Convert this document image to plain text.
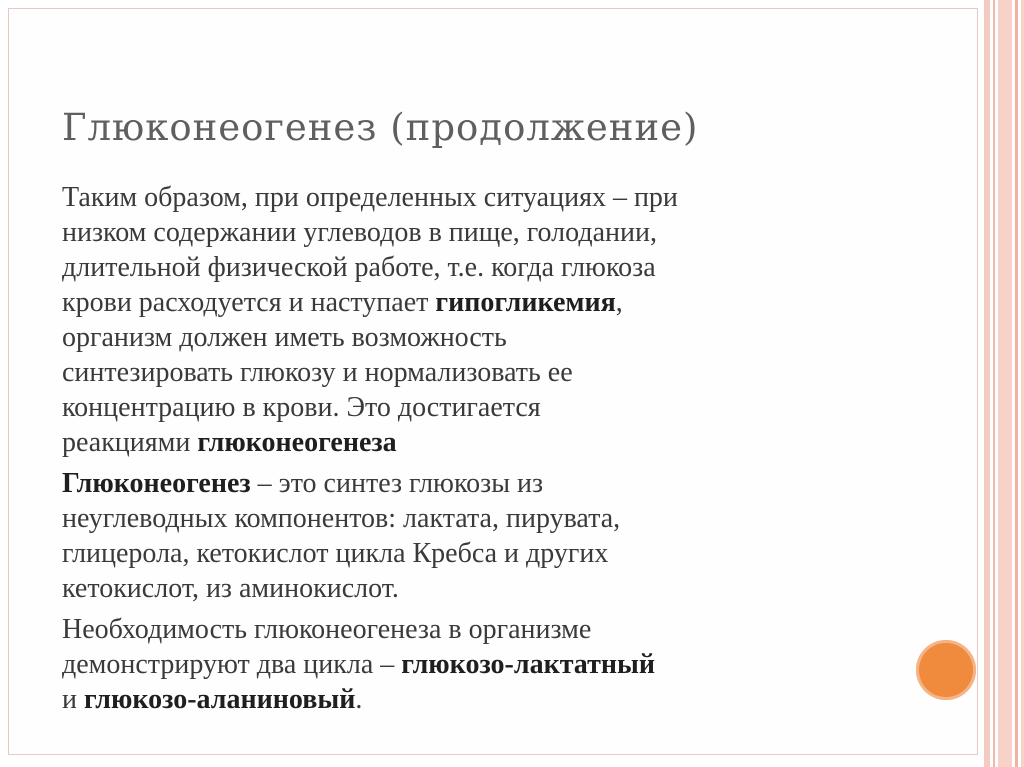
Глюконеогенез (продолжение)

Таким образом, при определенных ситуациях – при
низком содержании углеводов в пище, голодании,
длительной физической работе, т.е. когда глюкоза
крови расходуется и наступает гипогликемия,
организм должен иметь возможность
синтезировать глюкозу и нормализовать ее
концентрацию в крови. Это достигается
реакциями глюконеогенеза

Глюконеогенез – это синтез глюкозы из
неуглеводных компонентов: лактата, пирувата,
глицерола, кетокислот цикла Кребса и других
кетокислот, из аминокислот.

Необходимость глюконеогенеза в организме
демонстрируют два цикла – глюкозо-лактатный
и глюкозо-аланиновый.
